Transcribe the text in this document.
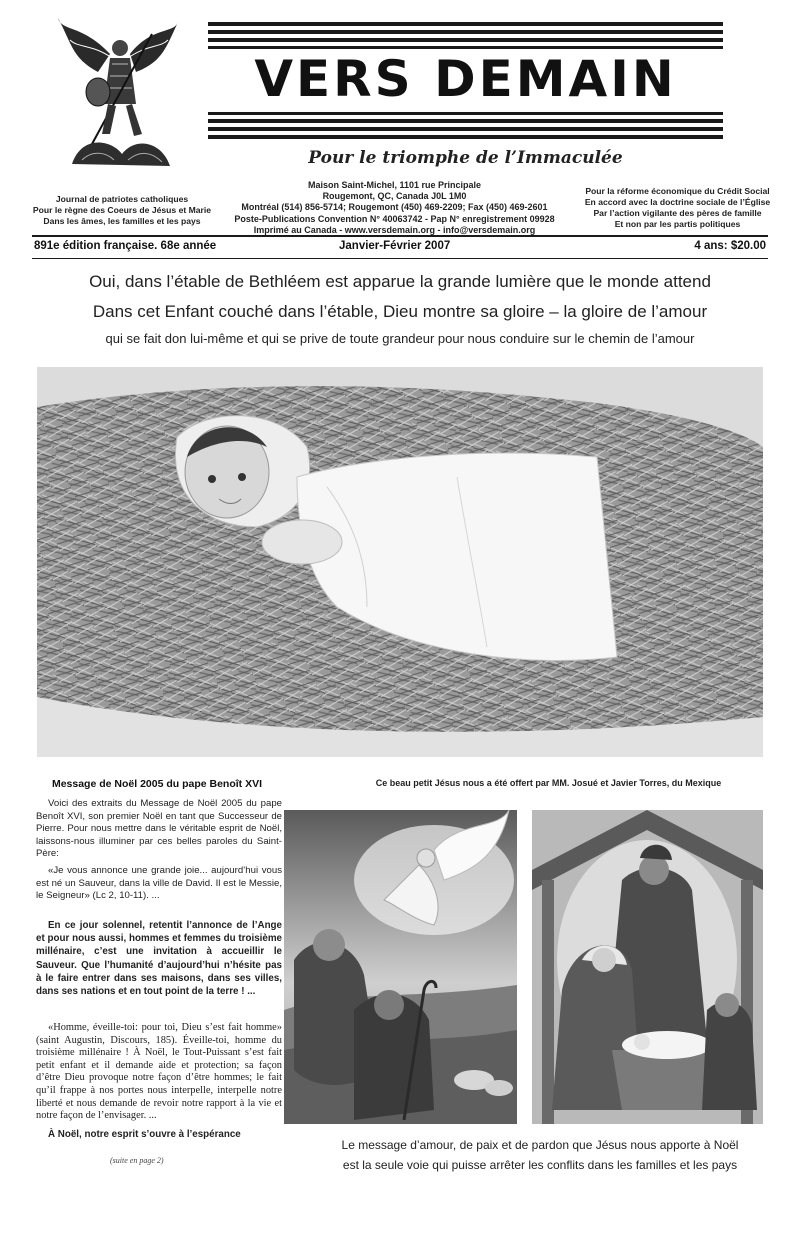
VERS DEMAIN
Pour le triomphe de l’Immaculée
Journal de patriotes catholiques
Pour le règne des Coeurs de Jésus et Marie
Dans les âmes, les familles et les pays
Maison Saint-Michel, 1101 rue Principale
Rougemont, QC, Canada J0L 1M0
Montréal (514) 856-5714; Rougemont (450) 469-2209; Fax (450) 469-2601
Poste-Publications Convention N° 40063742 - Pap N° enregistrement 09928
Imprimé au Canada - www.versdemain.org - info@versdemain.org
Pour la réforme économique du Crédit Social
En accord avec la doctrine sociale de l’Église
Par l’action vigilante des pères de famille
Et non par les partis politiques
891e édition française. 68e année	Janvier-Février 2007	4 ans: $20.00
Oui, dans l’étable de Bethléem est apparue la grande lumière que le monde attend
Dans cet Enfant couché dans l’étable, Dieu montre sa gloire – la gloire de l’amour
qui se fait don lui-même et qui se prive de toute grandeur pour nous conduire sur le chemin de l’amour
Ce beau petit Jésus nous a été offert par MM. Josué et Javier Torres, du Mexique
Message de Noël 2005 du pape Benoît XVI
Voici des extraits du Message de Noël 2005 du pape Benoît XVI, son premier Noël en tant que Successeur de Pierre. Pour nous mettre dans le véritable esprit de Noël, laissons-nous illuminer par ces belles paroles du Saint-Père:
«Je vous annonce une grande joie... aujourd’hui vous est né un Sauveur, dans la ville de David. Il est le Messie, le Seigneur» (Lc 2, 10-11). ...
En ce jour solennel, retentit l’annonce de l’Ange et pour nous aussi, hommes et femmes du troisième millénaire, c’est une invitation à accueillir le Sauveur. Que l’humanité d’aujourd’hui n’hésite pas à le faire entrer dans ses maisons, dans ses villes, dans ses nations et en tout point de la terre ! ...
«Homme, éveille-toi: pour toi, Dieu s’est fait homme» (saint Augustin, Discours, 185). Éveille-toi, homme du troisième millénaire ! À Noël, le Tout-Puissant s’est fait petit enfant et il demande aide et protection; sa façon d’être Dieu provoque notre façon d’être hommes; le fait qu’il frappe à nos portes nous interpelle, interpelle notre liberté et nous demande de revoir notre rapport à la vie et notre façon de l’envisager. ...
À Noël, notre esprit s’ouvre à l’espérance
(suite en page 2)
Le message d’amour, de paix et de pardon que Jésus nous apporte à Noël
est la seule voie qui puisse arrêter les conflits dans les familles et les pays
